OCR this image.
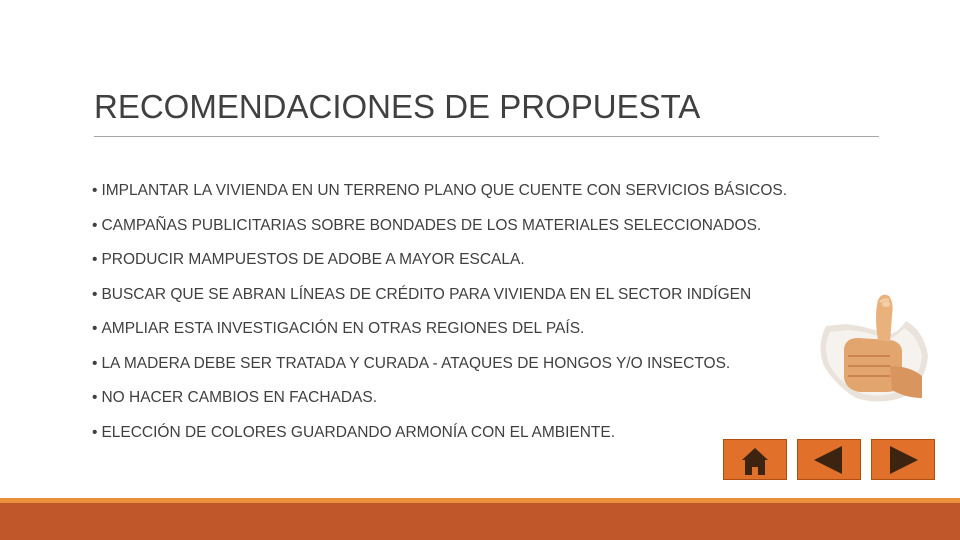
RECOMENDACIONES DE PROPUESTA
• IMPLANTAR LA VIVIENDA EN UN TERRENO PLANO QUE CUENTE CON SERVICIOS BÁSICOS.
• CAMPAÑAS PUBLICITARIAS SOBRE BONDADES DE LOS MATERIALES SELECCIONADOS.
• PRODUCIR MAMPUESTOS DE ADOBE A MAYOR ESCALA.
• BUSCAR QUE SE ABRAN LÍNEAS DE CRÉDITO PARA VIVIENDA EN EL SECTOR INDÍGEN
• AMPLIAR ESTA INVESTIGACIÓN EN OTRAS REGIONES DEL PAÍS.
• LA MADERA DEBE SER TRATADA Y CURADA - ATAQUES DE HONGOS Y/O INSECTOS.
• NO HACER CAMBIOS EN FACHADAS.
• ELECCIÓN DE COLORES GUARDANDO ARMONÍA CON EL AMBIENTE.
